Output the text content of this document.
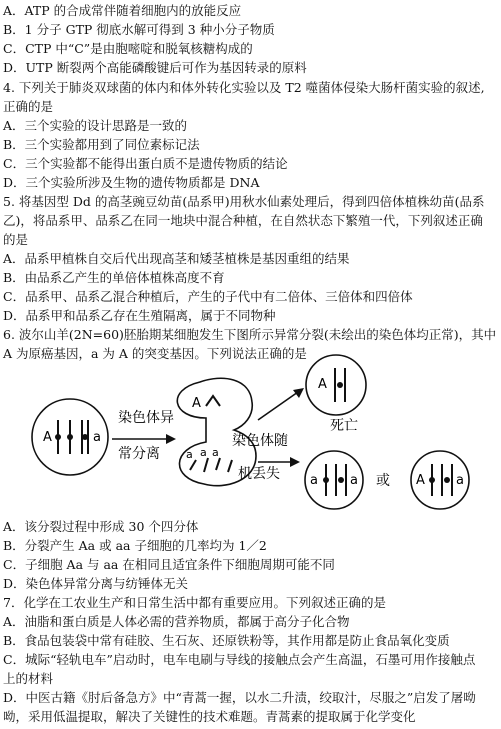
A．ATP 的合成常伴随着细胞内的放能反应
B．1 分子 GTP 彻底水解可得到 3 种小分子物质
C．CTP 中“C”是由胞嘧啶和脱氧核糖构成的
D．UTP 断裂两个高能磷酸键后可作为基因转录的原料
4. 下列关于肺炎双球菌的体内和体外转化实验以及 T2 噬菌体侵染大肠杆菌实验的叙述,
正确的是
A．三个实验的设计思路是一致的
B．三个实验都用到了同位素标记法
C．三个实验都不能得出蛋白质不是遗传物质的结论
D．三个实验所涉及生物的遗传物质都是 DNA
5. 将基因型 Dd 的高茎豌豆幼苗(品系甲)用秋水仙素处理后，得到四倍体植株幼苗(品系
乙)，将品系甲、品系乙在同一地块中混合种植，在自然状态下繁殖一代，下列叙述正确
的是
A．品系甲植株自交后代出现高茎和矮茎植株是基因重组的结果
B．由品系乙产生的单倍体植株高度不育
C．品系甲、品系乙混合种植后，产生的子代中有二倍体、三倍体和四倍体
D．品系甲和品系乙存在生殖隔离，属于不同物种
6. 波尔山羊(2N=60)胚胎期某细胞发生下图所示异常分裂(未绘出的染色体均正常)，其中
A 为原癌基因，a 为 A 的突变基因。下列说法正确的是
A	a
染色体异
常分离
A
a a a
染色体随
机丢失
A
死亡
a a 或 A a
A．该分裂过程中形成 30 个四分体
B．分裂产生 Aa 或 aa 子细胞的几率均为 1／2
C．子细胞 Aa 与 aa 在相同且适宜条件下细胞周期可能不同
D．染色体异常分离与纺锤体无关
7．化学在工农业生产和日常生活中都有重要应用。下列叙述正确的是
A．油脂和蛋白质是人体必需的营养物质，都属于高分子化合物
B．食品包装袋中常有硅胶、生石灰、还原铁粉等，其作用都是防止食品氧化变质
C．城际“轻轨电车”启动时，电车电刷与导线的接触点会产生高温，石墨可用作接触点
上的材料
D．中医古籍《肘后备急方》中“青蒿一握，以水二升渍，绞取汁，尽服之”启发了屠呦
呦，采用低温提取，解决了关键性的技术难题。青蒿素的提取属于化学变化
